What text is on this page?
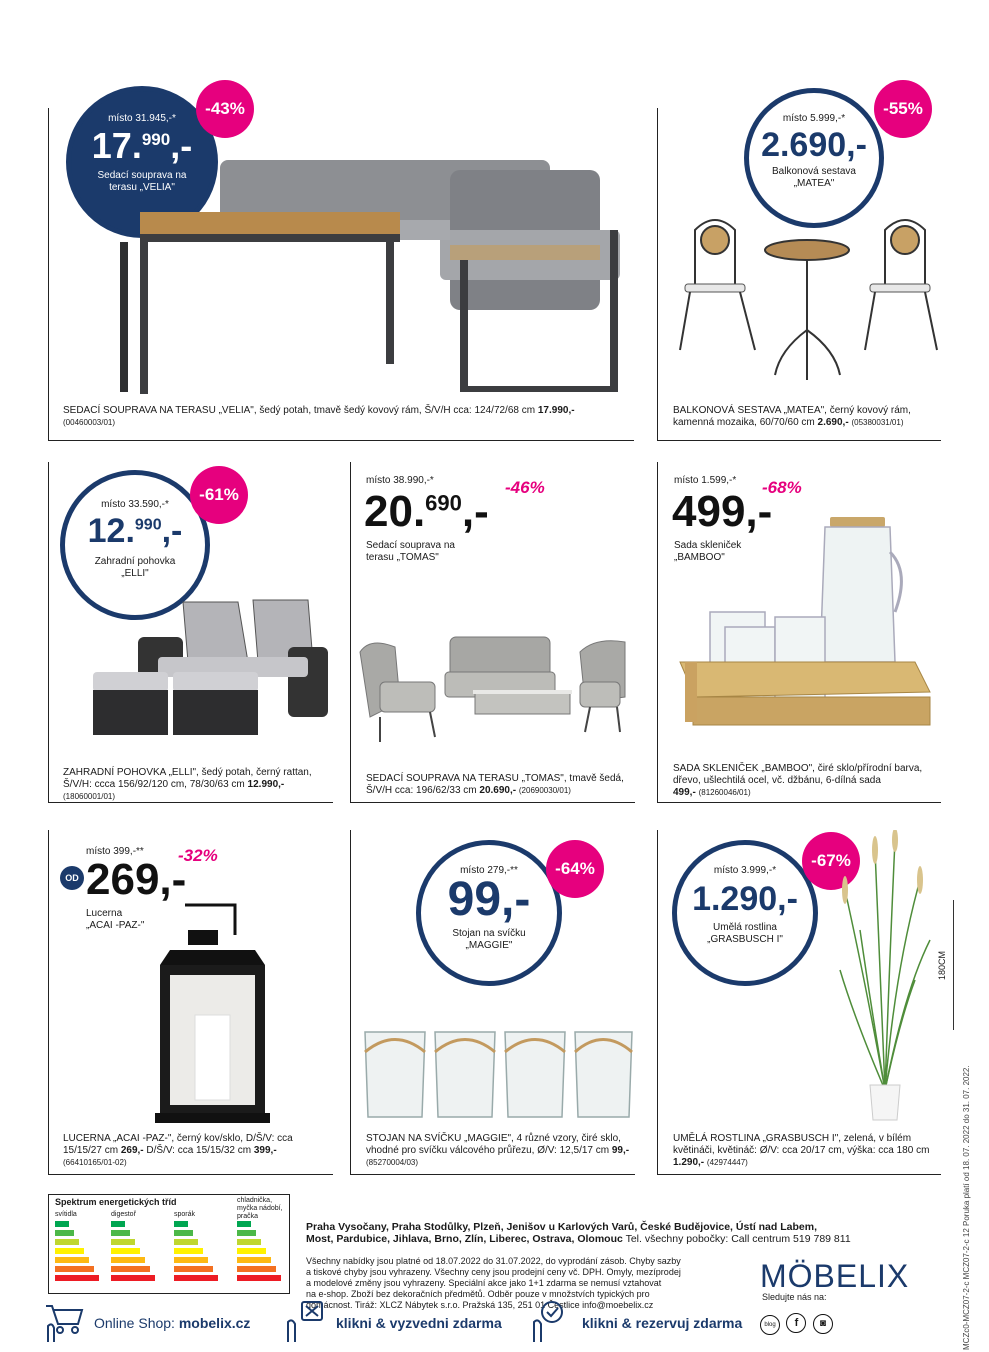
místo 31.945,-*
17.$^{990}$,-
Sedací souprava na
terasu „VELIA"
-43%
SEDACÍ SOUPRAVA NA TERASU „VELIA", šedý potah, tmavě šedý kovový rám, Š/V/H cca: 124/72/68 cm 17.990,-
(00460003/01)
místo 5.999,-*
2.690,-
Balkonová sestava
„MATEA"
-55%
BALKONOVÁ SESTAVA „MATEA", černý kovový rám, kamenná mozaika, 60/70/60 cm 2.690,- (05380031/01)
místo 33.590,-*
12.$^{990}$,-
Zahradní pohovka
„ELLI"
-61%
ZAHRADNÍ POHOVKA „ELLI", šedý potah, černý rattan, Š/V/H: ccca 156/92/120 cm, 78/30/63 cm 12.990,-
(18060001/01)
místo 38.990,-*
20.$^{690}$,- -46%
Sedací souprava na
terasu „TOMAS"
SEDACÍ SOUPRAVA NA TERASU „TOMAS", tmavě šedá, Š/V/H cca: 196/62/33 cm 20.690,- (20690030/01)
místo 1.599,-*
499,-
-68%
Sada skleniček
„BAMBOO"
SADA SKLENIČEK „BAMBOO", čiré sklo/přírodní barva, dřevo, ušlechtilá ocel, vč. džbánu, 6-dílná sada
499,- (81260046/01)
místo 399,-**
OD 269,-
-32%
Lucerna
„ACAI -PAZ-"
LUCERNA „ACAI -PAZ-", černý kov/sklo, D/Š/V: cca 15/15/27 cm 269,- D/Š/V: cca 15/15/32 cm 399,-
(66410165/01-02)
místo 279,-**
99,-
Stojan na svíčku
„MAGGIE"
-64%
STOJAN NA SVÍČKU „MAGGIE", 4 různé vzory, čiré sklo, vhodné pro svíčku válcového průřezu, Ø/V: 12,5/17 cm 99,- (85270004/03)
místo 3.999,-*
1.290,-
Umělá rostlina
„GRASBUSCH I"
-67%
180CM
UMĚLÁ ROSTLINA „GRASBUSCH I", zelená, v bílém květináči, květináč: Ø/V: cca 20/17 cm, výška: cca 180 cm 1.290,- (42974447)	MCZc0-MCZ07-2-c MCZ07-2-c 12 Poruka platí od 18. 07. 2022 do 31. 07. 2022.
Spektrum energetických tříd
svítidla	digestoř	sporák
chladnička,
myčka nádobí,
pračka
Praha Vysočany, Praha Stodůlky, Plzeň, Jenišov u Karlových Varů, České Budějovice, Ústí nad Labem,
Most, Pardubice, Jihlava, Brno, Zlín, Liberec, Ostrava, Olomouc Tel. všechny pobočky: Call centrum 519 789 811
Všechny nabídky jsou platné od 18.07.2022 do 31.07.2022, do vyprodání zásob. Chyby sazby
a tiskové chyby jsou vyhrazeny. Všechny ceny jsou prodejní ceny vč. DPH. Omyly, mezíprodej
a modelové změny jsou vyhrazeny. Speciální akce jako 1+1 zdarma se nemusí vztahovat
na e-shop. Zboží bez dekoračních předmětů. Odběr pouze v množstvích typických pro
domácnost. Tiráž: XLCZ Nábytek s.r.o. Pražská 135, 251 01 Čestlice info@moebelix.cz
MÖBELIX
Sledujte nás na:
blog f ◙
Online Shop: mobelix.cz	klikni & vyzvedni zdarma	klikni & rezervuj zdarma
